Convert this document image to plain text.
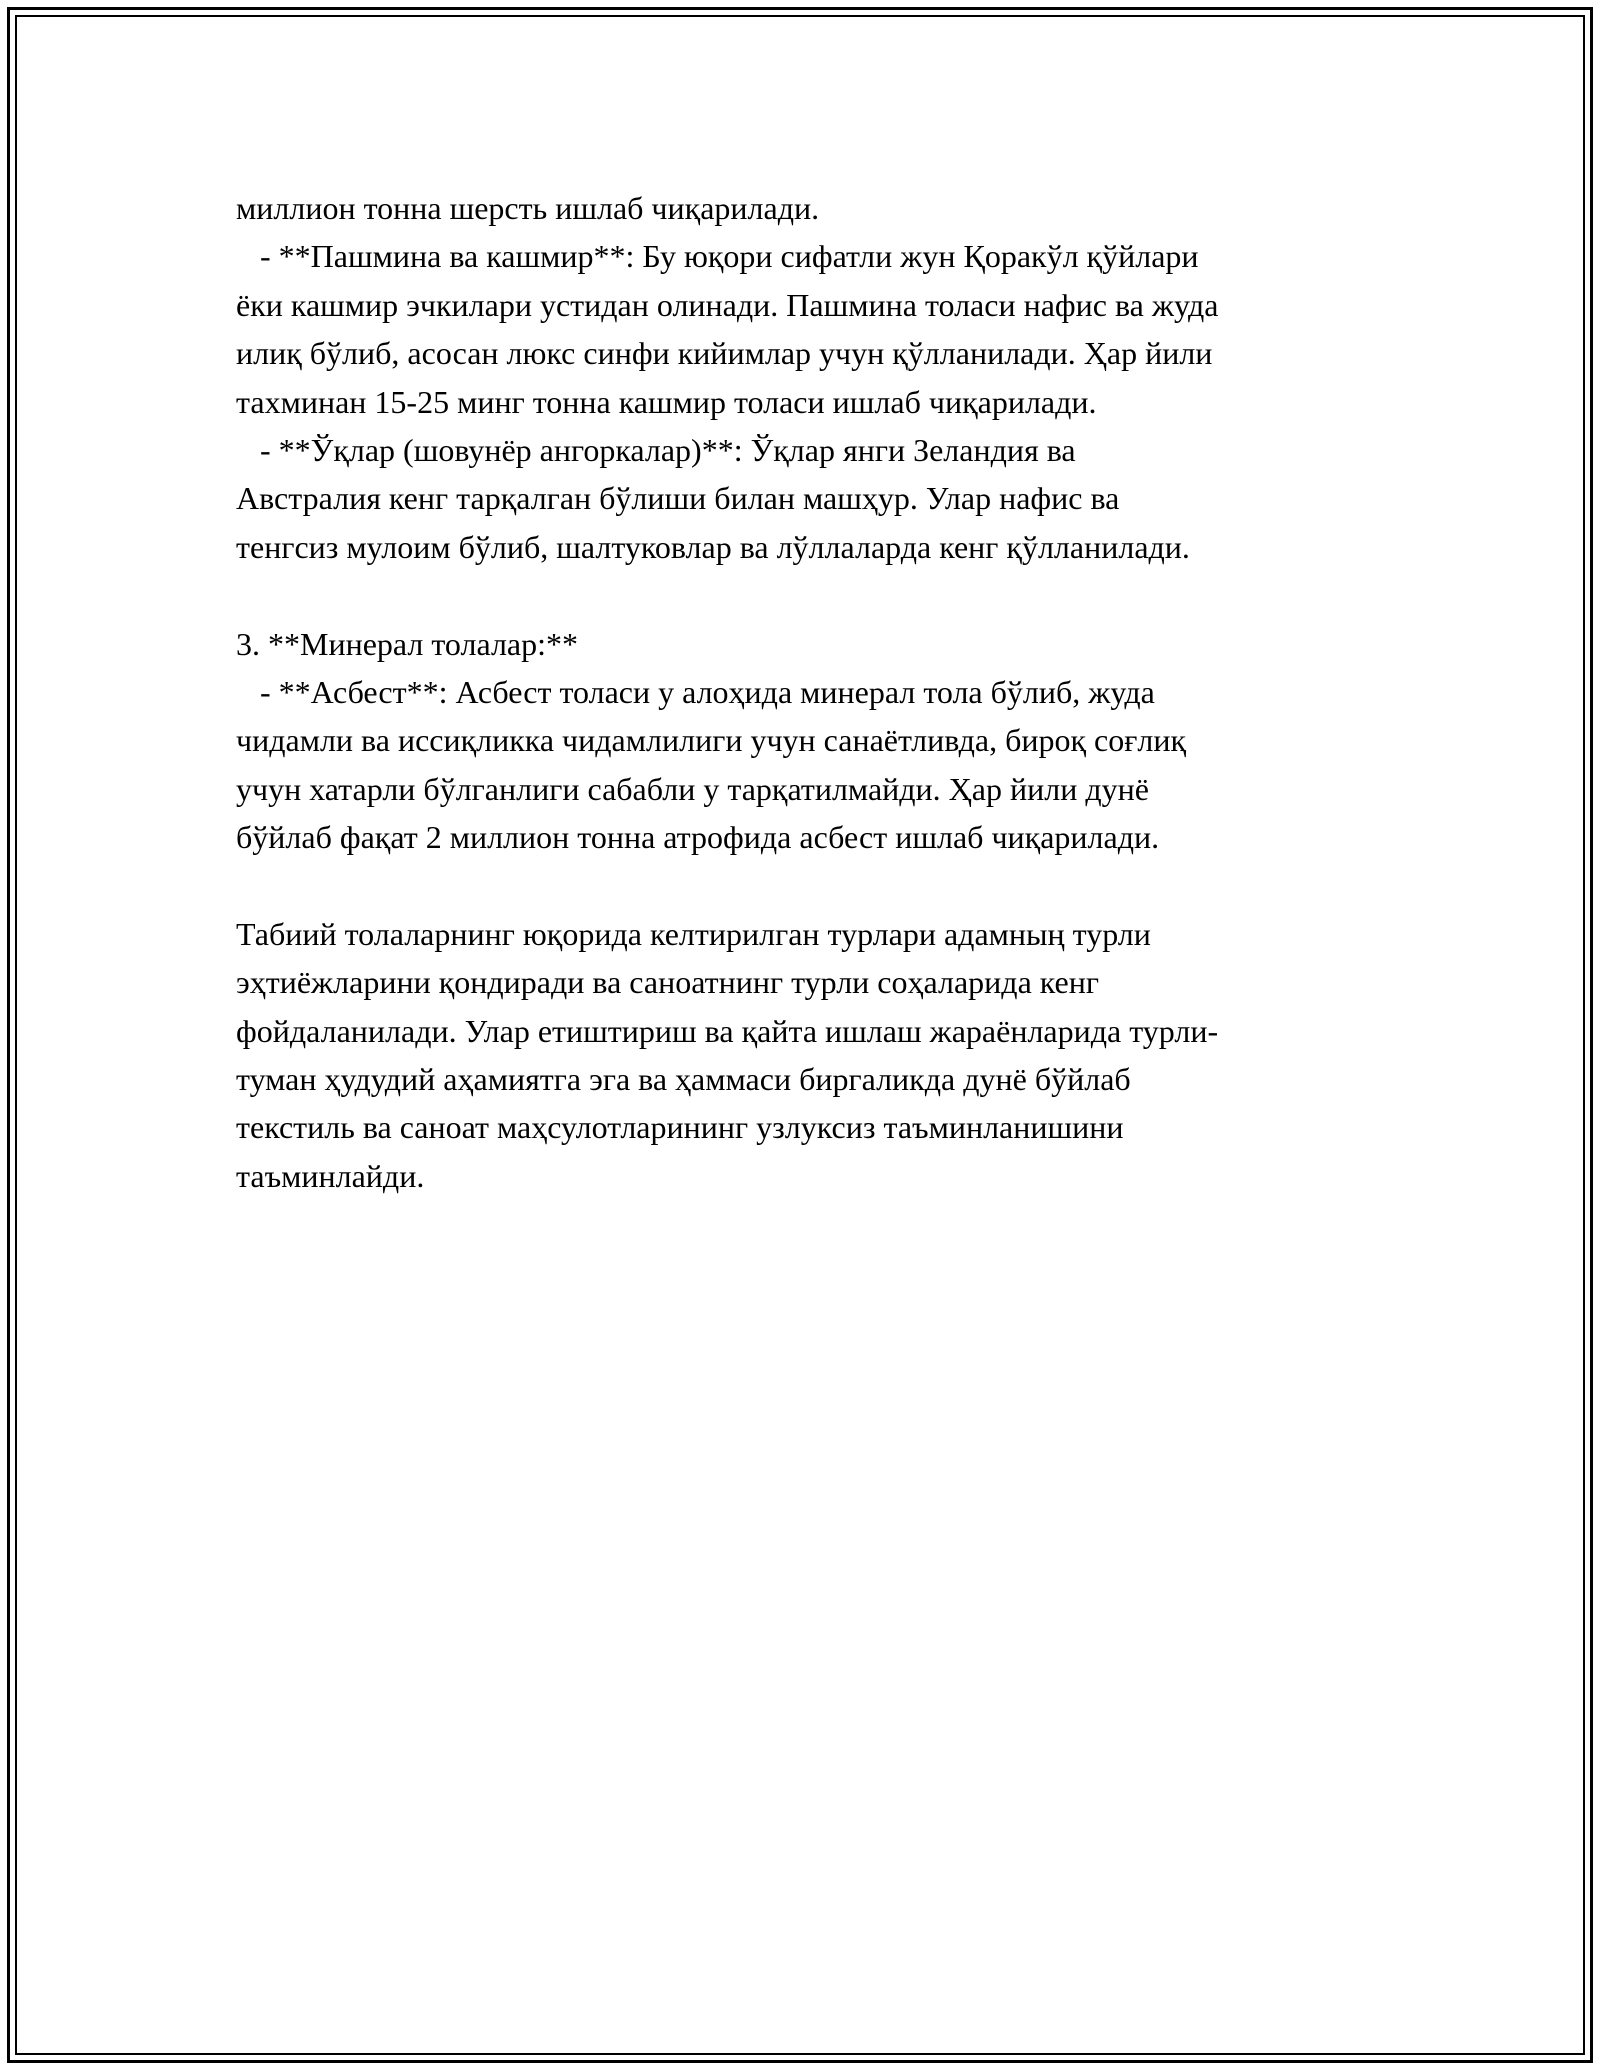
миллион тонна шерсть ишлаб чиқарилади.
- **Пашмина ва кашмир**: Бу юқори сифатли жун Қоракўл қўйлари
ёки кашмир эчкилари устидан олинади. Пашмина толаси нафис ва жуда
илиқ бўлиб, асосан люкс синфи кийимлар учун қўлланилади. Ҳар йили
тахминан 15-25 минг тонна кашмир толаси ишлаб чиқарилади.
- **Ўқлар (шовунёр ангоркалар)**: Ўқлар янги Зеландия ва
Австралия кенг тарқалган бўлиши билан машҳур. Улар нафис ва
тенгсиз мулоим бўлиб, шалтуковлар ва лўллаларда кенг қўлланилади.
3. **Минерал толалар:**
- **Асбест**: Асбест толаси у алоҳида минерал тола бўлиб, жуда
чидамли ва иссиқликка чидамлилиги учун санаётливда, бироқ соғлиқ
учун хатарли бўлганлиги сабабли у тарқатилмайди. Ҳар йили дунё
бўйлаб фақат 2 миллион тонна атрофида асбест ишлаб чиқарилади.
Табиий толаларнинг юқорида келтирилган турлари адамның турли
эҳтиёжларини қондиради ва саноатнинг турли соҳаларида кенг
фойдаланилади. Улар етиштириш ва қайта ишлаш жараёнларида турли-
туман ҳудудий аҳамиятга эга ва ҳаммаси биргаликда дунё бўйлаб
текстиль ва саноат маҳсулотларининг узлуксиз таъминланишини
таъминлайди.
